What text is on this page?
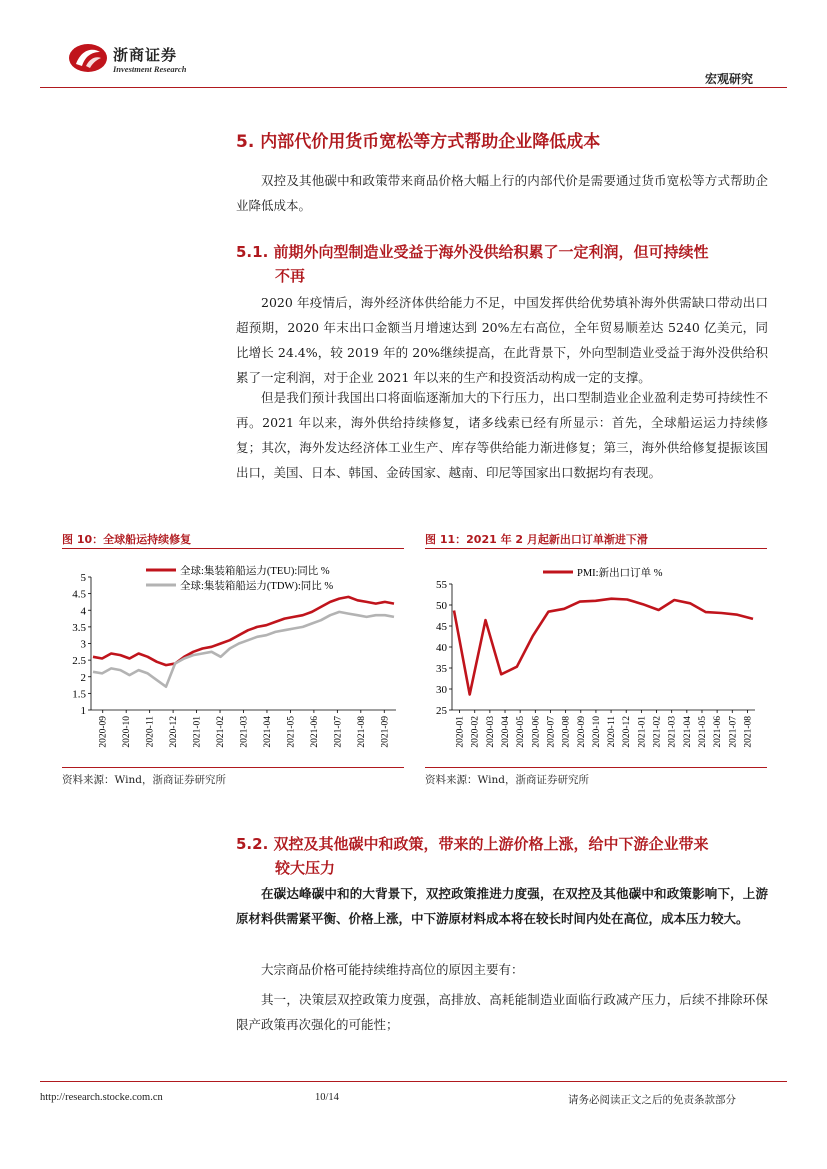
浙商证券
Investment Research
宏观研究
5. 内部代价用货币宽松等方式帮助企业降低成本

双控及其他碳中和政策带来商品价格大幅上行的内部代价是需要通过货币宽松等方式帮助企业降低成本。

5.1. 前期外向型制造业受益于海外没供给积累了一定利润，但可持续性
不再

2020 年疫情后，海外经济体供给能力不足，中国发挥供给优势填补海外供需缺口带动出口超预期，2020 年末出口金额当月增速达到 20%左右高位，全年贸易顺差达 5240 亿美元，同比增长 24.4%，较 2019 年的 20%继续提高，在此背景下，外向型制造业受益于海外没供给积累了一定利润，对于企业 2021 年以来的生产和投资活动构成一定的支撑。

但是我们预计我国出口将面临逐渐加大的下行压力，出口型制造业企业盈利走势可持续性不再。2021 年以来，海外供给持续修复，诸多线索已经有所显示：首先，全球船运运力持续修复；其次，海外发达经济体工业生产、库存等供给能力渐进修复；第三，海外供给修复提振该国出口，美国、日本、韩国、金砖国家、越南、印尼等国家出口数据均有表现。

图 10：全球船运持续修复
5
4.5
4
3.5
3
2.5
2
1.5
1
2020-09 2020-10 2020-11 2020-12 2021-01 2021-02 2021-03 2021-04 2021-05 2021-06 2021-07 2021-08 2021-09
全球:集装箱船运力(TEU):同比 %
全球:集装箱船运力(TDW):同比 %
资料来源：Wind，浙商证券研究所
图 11：2021 年 2 月起新出口订单渐进下滑
55
50
45
40
35
30
25
2020-01 2020-02 2020-03 2020-04 2020-05 2020-06 2020-07 2020-08 2020-09 2020-10 2020-11 2020-12 2021-01 2021-02 2021-03 2021-04 2021-05 2021-06 2021-07 2021-08
PMI:新出口订单 %
资料来源：Wind，浙商证券研究所
5.2. 双控及其他碳中和政策，带来的上游价格上涨，给中下游企业带来
较大压力

在碳达峰碳中和的大背景下，双控政策推进力度强，在双控及其他碳中和政策影响下，上游原材料供需紧平衡、价格上涨，中下游原材料成本将在较长时间内处在高位，成本压力较大。

大宗商品价格可能持续维持高位的原因主要有：

其一，决策层双控政策力度强，高排放、高耗能制造业面临行政减产压力，后续不排除环保限产政策再次强化的可能性；

http://research.stocke.com.cn	10/14	请务必阅读正文之后的免责条款部分
